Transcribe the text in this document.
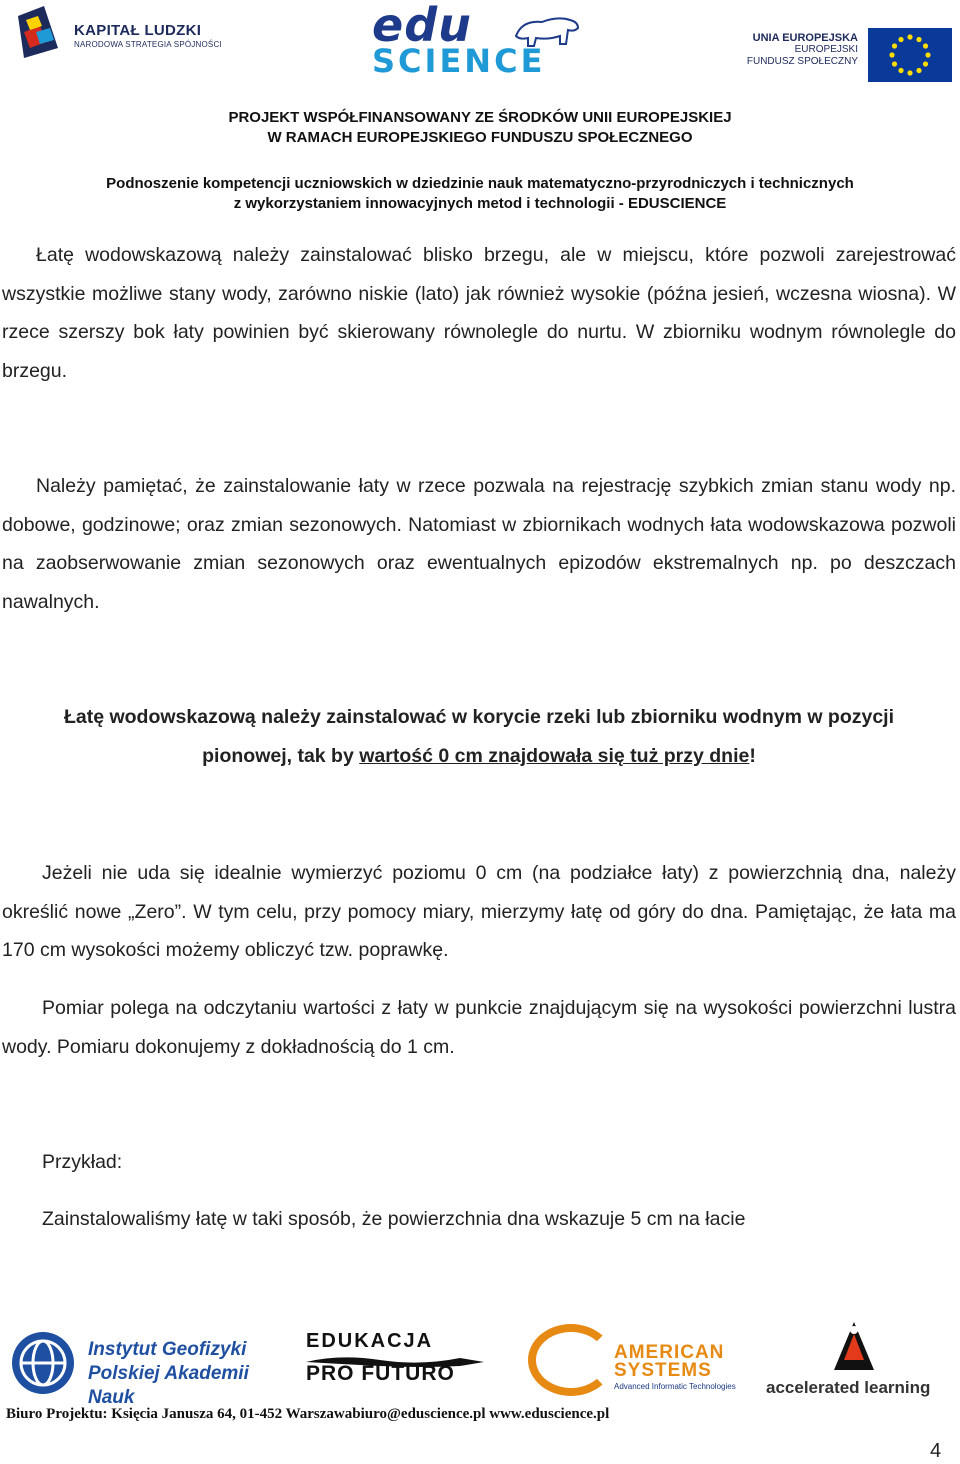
KAPITAŁ LUDZKI
NARODOWA STRATEGIA SPÓJNOŚCI	edu
SCIENCE
UNIA EUROPEJSKA
EUROPEJSKI
FUNDUSZ SPOŁECZNY
PROJEKT WSPÓŁFINANSOWANY ZE ŚRODKÓW UNII EUROPEJSKIEJ
W RAMACH EUROPEJSKIEGO FUNDUSZU SPOŁECZNEGO
Podnoszenie kompetencji uczniowskich w dziedzinie nauk matematyczno-przyrodniczych i technicznych
z wykorzystaniem innowacyjnych metod i technologii - EDUSCIENCE

Łatę wodowskazową należy zainstalować blisko brzegu, ale w miejscu, które pozwoli zarejestrować wszystkie możliwe stany wody, zarówno niskie (lato) jak również wysokie (późna jesień, wczesna wiosna). W rzece szerszy bok łaty powinien być skierowany równolegle do nurtu. W zbiorniku wodnym równolegle do brzegu.

Należy pamiętać, że zainstalowanie łaty w rzece pozwala na rejestrację szybkich zmian stanu wody np. dobowe, godzinowe; oraz zmian sezonowych. Natomiast w zbiornikach wodnych łata wodowskazowa pozwoli na zaobserwowanie zmian sezonowych oraz ewentualnych epizodów ekstremalnych np. po deszczach nawalnych.

Łatę wodowskazową należy zainstalować w korycie rzeki lub zbiorniku wodnym w pozycji pionowej, tak by wartość 0 cm znajdowała się tuż przy dnie!

Jeżeli nie uda się idealnie wymierzyć poziomu 0 cm (na podziałce łaty) z powierzchnią dna, należy określić nowe „Zero”. W tym celu, przy pomocy miary, mierzymy łatę od góry do dna. Pamiętając, że łata ma 170 cm wysokości możemy obliczyć tzw. poprawkę.

Pomiar polega na odczytaniu wartości z łaty w punkcie znajdującym się na wysokości powierzchni lustra wody. Pomiaru dokonujemy z dokładnością do 1 cm.

Przykład:

Zainstalowaliśmy łatę w taki sposób, że powierzchnia dna wskazuje 5 cm na łacie

Instytut Geofizyki
Polskiej Akademii Nauk
EDUKACJA
PRO FUTURO
AMERICAN
SYSTEMS
Advanced Informatic Technologies accelerated learning
Biuro Projektu: Księcia Janusza 64, 01-452 Warszawabiuro@eduscience.pl www.eduscience.pl
4
